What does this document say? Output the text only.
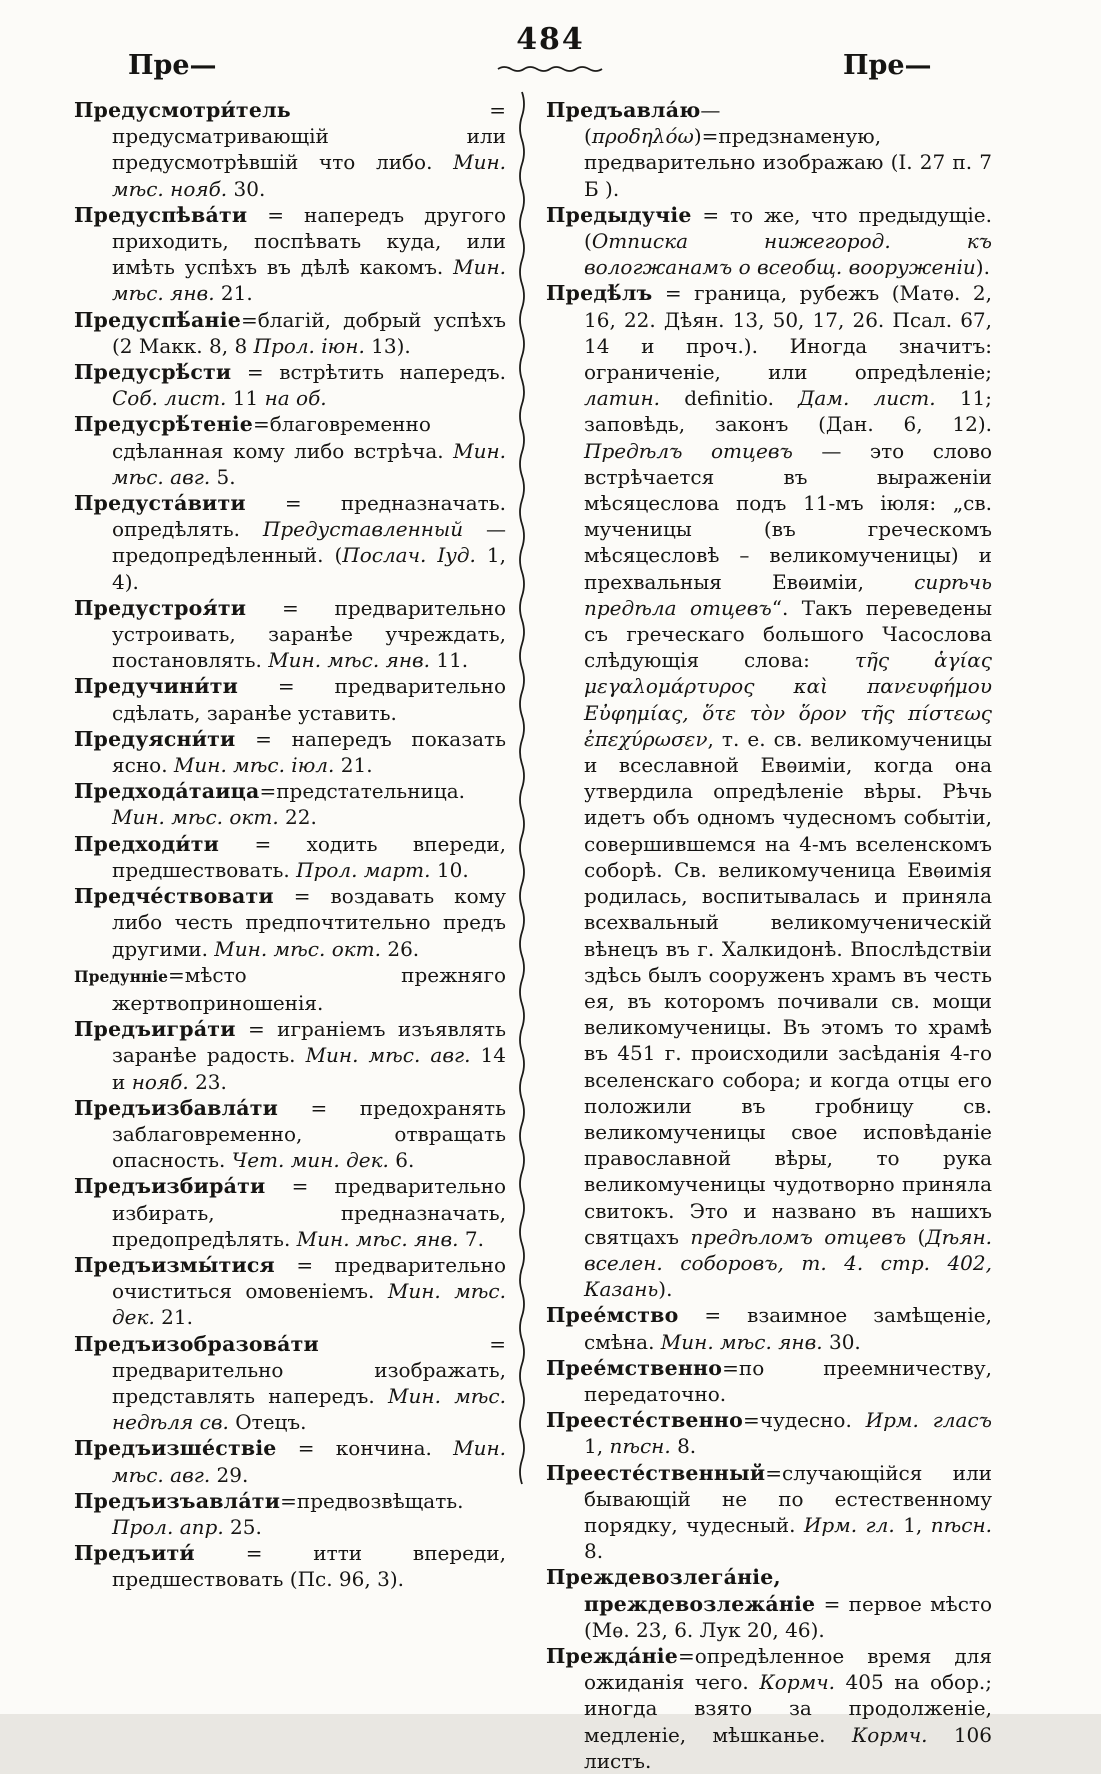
484
Пре—	Пре—

Предусмотри́тель = предусматривающій или предусмотрѣвшій что либо. Мин. мѣс. нояб. 30.

Предуспѣва́ти = напередъ другого приходить, поспѣвать куда, или имѣть успѣхъ въ дѣлѣ какомъ. Мин. мѣс. янв. 21.

Предуспѣ́аніе=благій, добрый успѣхъ (2 Макк. 8, 8 Прол. іюн. 13).

Предусрѣ́сти = встрѣтить напередъ. Соб. лист. 11 на об.

Предусрѣ́теніе=благовременно сдѣланная кому либо встрѣча. Мин. мѣс. авг. 5.

Предуста́вити = предназначать. опредѣлять. Предуставленный —предопредѣленный. (Послач. Іуд. 1, 4).

Предустроя́ти = предварительно устроивать, заранѣе учреждать, постановлять. Мин. мѣс. янв. 11.

Предучини́ти = предварительно сдѣлать, заранѣе уставить.

Предуясни́ти = напередъ показать ясно. Мин. мѣс. іюл. 21.

Предхода́таица=предстательница. Мин. мѣс. окт. 22.

Предходи́ти = ходить впереди, предшествовать. Прол. март. 10.

Предче́ствовати = воздавать кому либо честь предпочтительно предъ другими. Мин. мѣс. окт. 26.

Предунніе=мѣсто прежняго жертвоприношенія.

Предъигра́ти = играніемъ изъявлять заранѣе радость. Мин. мѣс. авг. 14 и нояб. 23.

Предъизбавла́ти = предохранять заблаговременно, отвращать опасность. Чет. мин. дек. 6.

Предъизбира́ти = предварительно избирать, предназначать, предопредѣлять. Мин. мѣс. янв. 7.

Предъизмы́тися = предварительно очиститься омовеніемъ. Мин. мѣс. дек. 21.

Предъизобразова́ти = предварительно изображать, представлять напередъ. Мин. мѣс. недѣля св. Отецъ.

Предъизше́ствіе = кончина. Мин. мѣс. авг. 29.

Предъизъавла́ти=предвозвѣщать. Прол. апр. 25.

Предъити́ = итти впереди, предшествовать (Пс. 96, 3).

Предъавла́ю—(προδηλόω)=предзнаменую, предварительно изображаю (І. 27 п. 7 Б ).

Предыдучіе = то же, что предыдущіе. (Отписка нижегород. къ вологжанамъ о всеобщ. вооруженіи).

Предѣ́лъ = граница, рубежъ (Матѳ. 2, 16, 22. Дѣян. 13, 50, 17, 26. Псал. 67, 14 и проч.). Иногда значитъ: ограниченіе, или опредѣленіе; латин. definitio. Дам. лист. 11; заповѣдь, законъ (Дан. 6, 12). Предѣлъ отцевъ — это слово встрѣчается въ выраженіи мѣсяцеслова подъ 11-мъ іюля: „св. мученицы (въ греческомъ мѣсяцесловѣ – великомученицы) и прехвальныя Евѳиміи, сирѣчь предѣла отцевъ“. Такъ переведены съ греческаго большого Часослова слѣдующія слова: τῆς ἁγίας μεγαλομάρτυρος καὶ πανευφήμου Εὐφημίας, ὅτε τὸν ὅρον τῆς πίστεως ἐπεχύρωσεν, т. е. св. великомученицы и всеславной Евѳиміи, когда она утвердила опредѣленіе вѣры. Рѣчь идетъ объ одномъ чудесномъ событіи, совершившемся на 4-мъ вселенскомъ соборѣ. Св. великомученица Евѳимія родилась, воспитывалась и приняла всехвальный великомученическій вѣнецъ въ г. Халкидонѣ. Впослѣдствіи здѣсь былъ сооруженъ храмъ въ честь ея, въ которомъ почивали св. мощи великомученицы. Въ этомъ то храмѣ въ 451 г. происходили засѣданія 4-го вселенскаго собора; и когда отцы его положили въ гробницу св. великомученицы свое исповѣданіе православной вѣры, то рука великомученицы чудотворно приняла свитокъ. Это и названо въ нашихъ святцахъ предѣломъ отцевъ (Дѣян. вселен. соборовъ, т. 4. стр. 402, Казань).

Прее́мство = взаимное замѣщеніе, смѣна. Мин. мѣс. янв. 30.

Прее́мственно=по преемничеству, передаточно.

Преесте́ственно=чудесно. Ирм. гласъ 1, пѣсн. 8.

Преесте́ственный=случающійся или бывающій не по естественному порядку, чудесный. Ирм. гл. 1, пѣсн. 8.

Преждевозлега́ніе, преждевозлежа́ніе = первое мѣсто (Мѳ. 23, 6. Лук 20, 46).

Прежда́ніе=опредѣленное время для ожиданія чего. Кормч. 405 на обор.; иногда взято за продолженіе, медленіе, мѣшканье. Кормч. 106 листъ.
